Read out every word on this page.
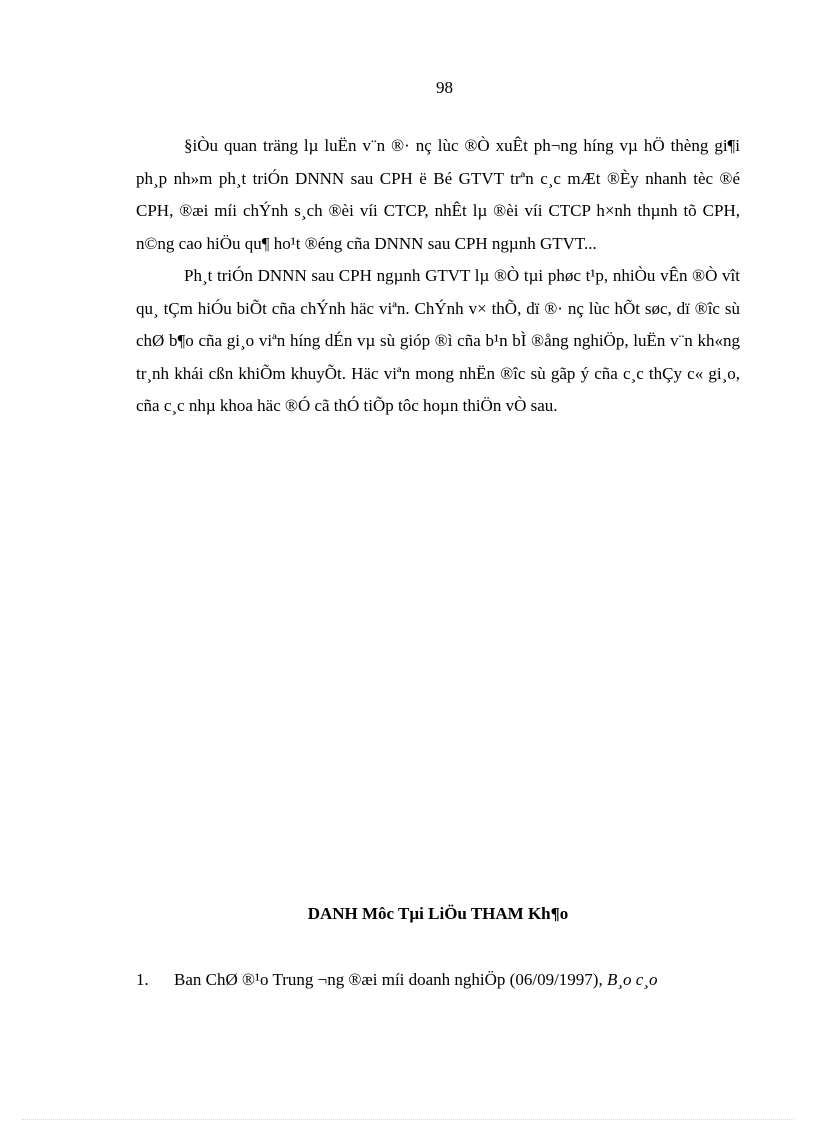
98

§iÒu quan träng lµ luËn v¨n ®· nç lùc ®Ò xuÊt ph¬ng híng vµ hÖ thèng gi¶i ph¸p nh»m ph¸t triÓn DNNN sau CPH ë Bé GTVT trªn c¸c mÆt ®Èy nhanh tèc ®é CPH, ®æi míi chÝnh s¸ch ®èi víi CTCP, nhÊt lµ ®èi víi CTCP h×nh thµnh tõ CPH, n©ng cao hiÖu qu¶ ho¹t ®éng cña DNNN sau CPH ngµnh GTVT...

Ph¸t triÓn DNNN sau CPH ngµnh GTVT lµ ®Ò tµi phøc t¹p, nhiÒu vÊn ®Ò vît qu¸ tÇm hiÓu biÕt cña chÝnh häc viªn. ChÝnh v× thÕ, dï ®· nç lùc hÕt søc, dï ®îc sù chØ b¶o cña gi¸o viªn híng dÉn vµ sù gióp ®ì cña b¹n bÌ ®ång nghiÖp, luËn v¨n kh«ng tr¸nh khái cßn khiÕm khuyÕt. Häc viªn mong nhËn ®îc sù gãp ý cña c¸c thÇy c« gi¸o, cña c¸c nhµ khoa häc ®Ó cã thÓ tiÕp tôc hoµn thiÖn vÒ sau.

DANH Môc Tµi LiÖu THAM Kh¶o
1. Ban ChØ ®¹o Trung ¬ng ®æi míi doanh nghiÖp (06/09/1997), B¸o c¸o
